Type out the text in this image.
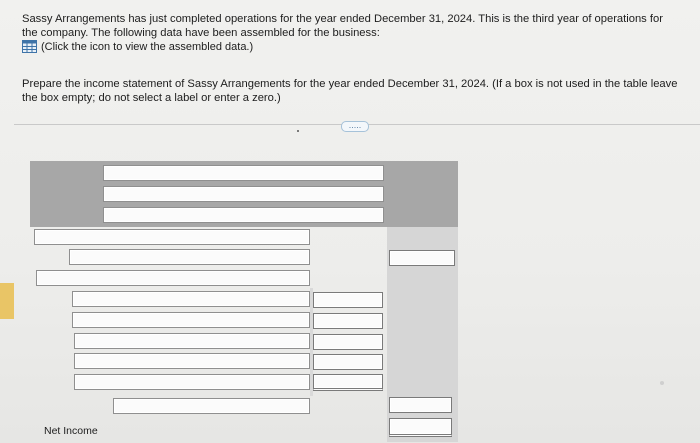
Sassy Arrangements has just completed operations for the year ended December 31, 2024. This is the third year of operations for the company. The following data have been assembled for the business:
(Click the icon to view the assembled data.)
Prepare the income statement of Sassy Arrangements for the year ended December 31, 2024. (If a box is not used in the table leave the box empty; do not select a label or enter a zero.)
.....
Net Income
